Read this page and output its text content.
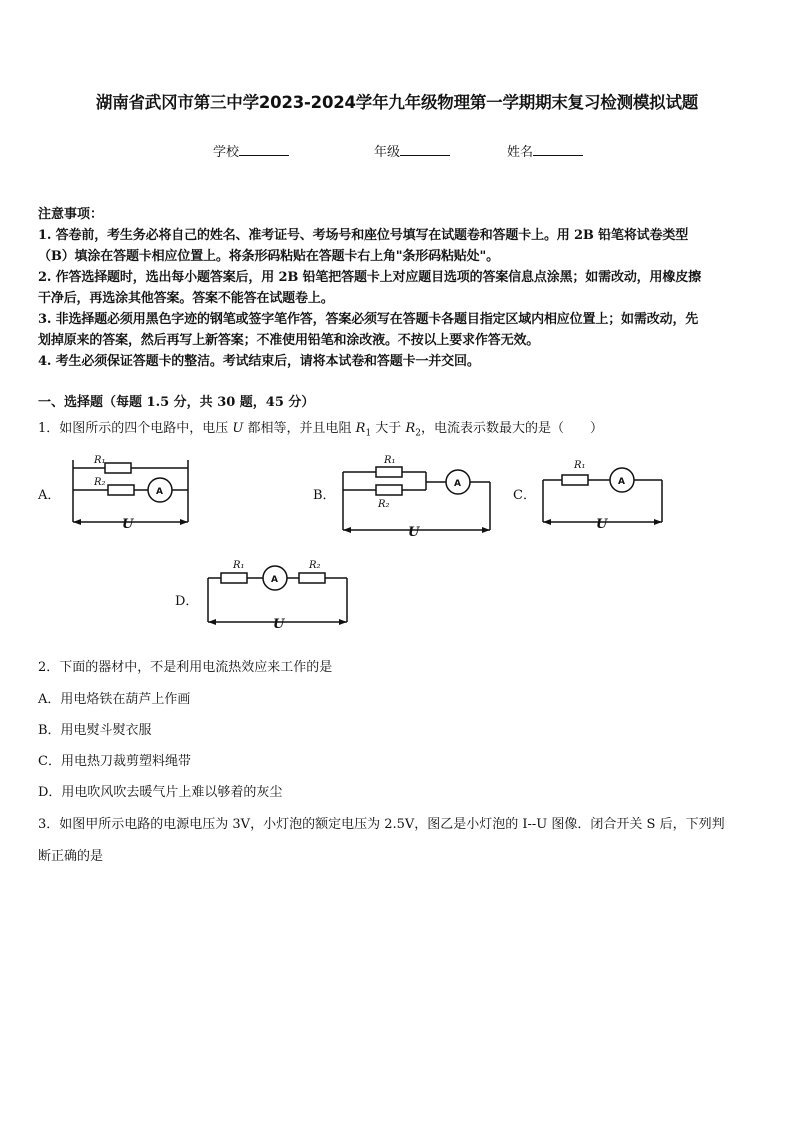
湖南省武冈市第三中学2023-2024学年九年级物理第一学期期末复习检测模拟试题
学校	年级	姓名
注意事项：
1. 答卷前，考生务必将自己的姓名、准考证号、考场号和座位号填写在试题卷和答题卡上。用 2B 铅笔将试卷类型
（B）填涂在答题卡相应位置上。将条形码粘贴在答题卡右上角"条形码粘贴处"。
2. 作答选择题时，选出每小题答案后，用 2B 铅笔把答题卡上对应题目选项的答案信息点涂黑；如需改动，用橡皮擦
干净后，再选涂其他答案。答案不能答在试题卷上。
3. 非选择题必须用黑色字迹的钢笔或签字笔作答，答案必须写在答题卡各题目指定区域内相应位置上；如需改动，先
划掉原来的答案，然后再写上新答案；不准使用铅笔和涂改液。不按以上要求作答无效。
4. 考生必须保证答题卡的整洁。考试结束后，请将本试卷和答题卡一并交回。
一、选择题（每题 1.5 分，共 30 题，45 分）
1．如图所示的四个电路中，电压 U 都相等，并且电阻 $R_1$ 大于 $R_2$，电流表示数最大的是（　　）
A．
R₁
A
R₂
U
B．
R₁
R₂
A
U
C．
R₁
A
U
D．
R₁
A
R₂
U
2．下面的器材中，不是利用电流热效应来工作的是
A．用电烙铁在葫芦上作画
B．用电熨斗熨衣服
C．用电热刀裁剪塑料绳带
D．用电吹风吹去暖气片上难以够着的灰尘
3．如图甲所示电路的电源电压为 3V，小灯泡的额定电压为 2.5V，图乙是小灯泡的 I--U 图像．闭合开关 S 后，下列判
断正确的是
